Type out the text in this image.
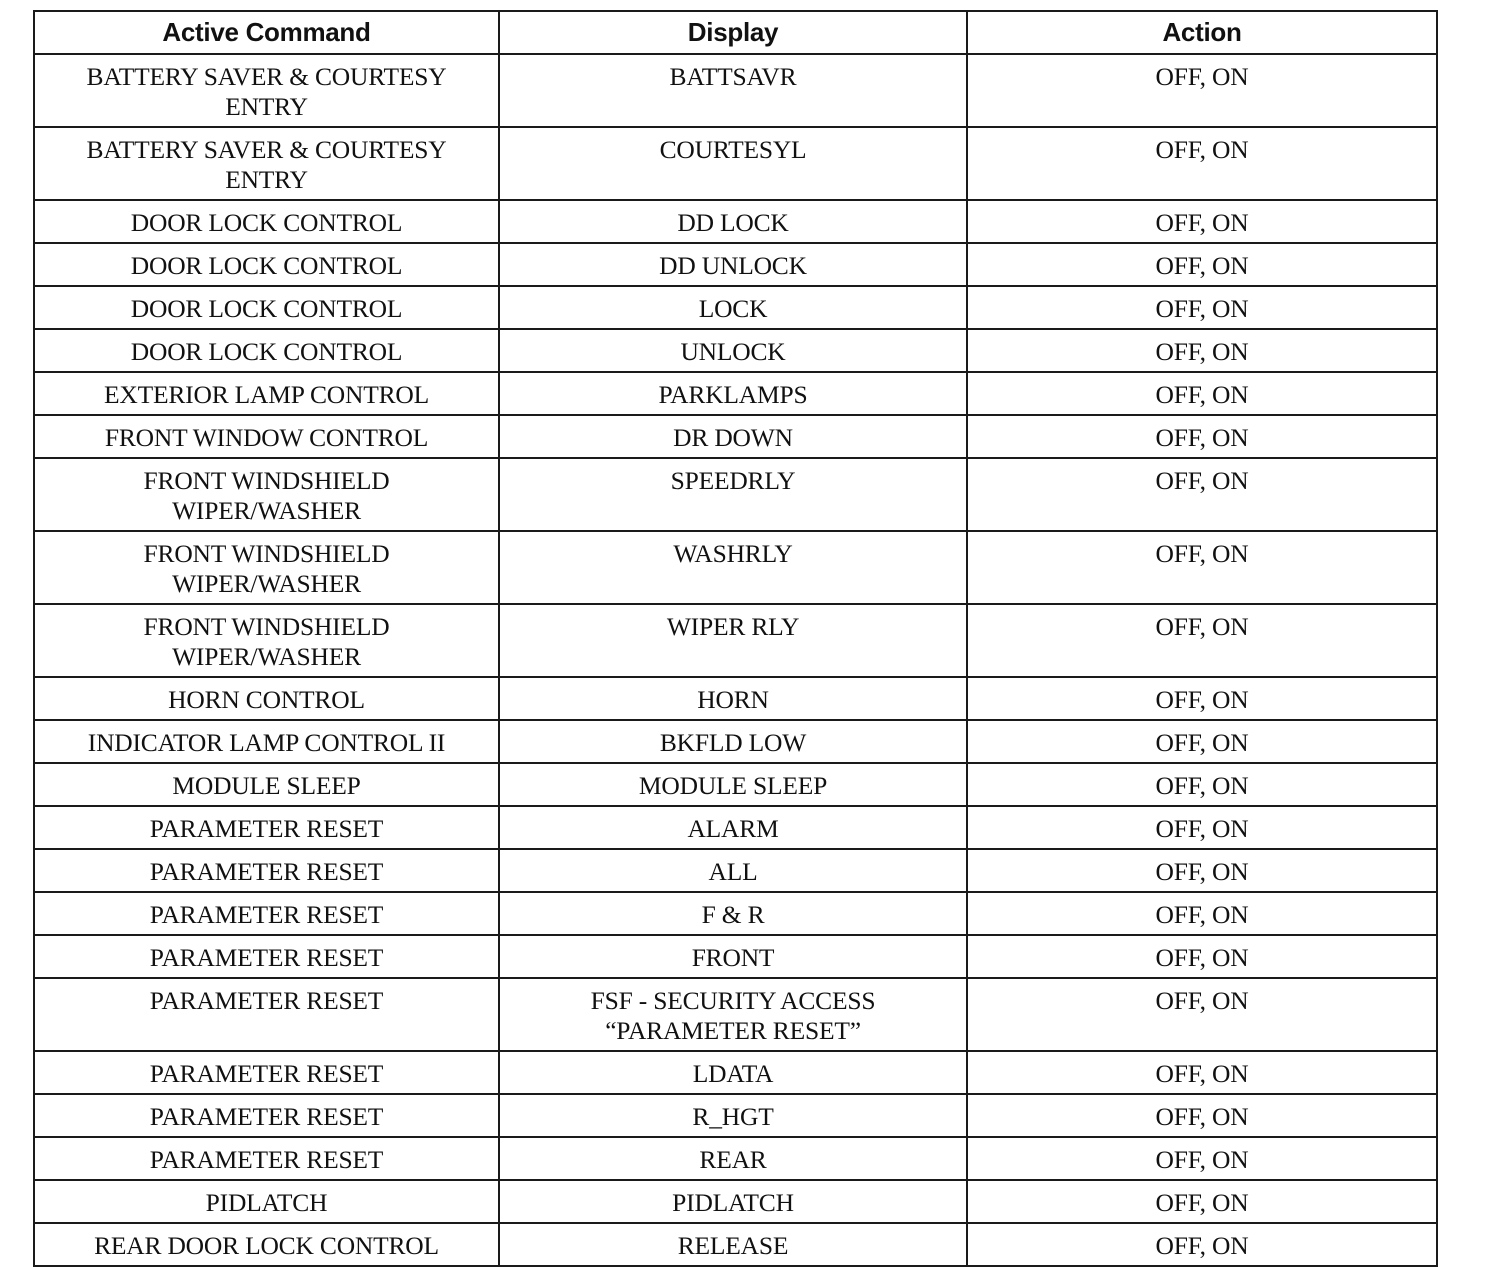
Active Command	Display	Action

BATTERY SAVER & COURTESY
ENTRY	BATTSAVR	OFF, ON

BATTERY SAVER & COURTESY
ENTRY	COURTESYL	OFF, ON

DOOR LOCK CONTROL	DD LOCK	OFF, ON

DOOR LOCK CONTROL	DD UNLOCK	OFF, ON

DOOR LOCK CONTROL	LOCK	OFF, ON

DOOR LOCK CONTROL	UNLOCK	OFF, ON

EXTERIOR LAMP CONTROL	PARKLAMPS	OFF, ON

FRONT WINDOW CONTROL	DR DOWN	OFF, ON

FRONT WINDSHIELD
WIPER/WASHER	SPEEDRLY	OFF, ON

FRONT WINDSHIELD
WIPER/WASHER	WASHRLY	OFF, ON

FRONT WINDSHIELD
WIPER/WASHER	WIPER RLY	OFF, ON

HORN CONTROL	HORN	OFF, ON

INDICATOR LAMP CONTROL II	BKFLD LOW	OFF, ON

MODULE SLEEP	MODULE SLEEP	OFF, ON

PARAMETER RESET	ALARM	OFF, ON

PARAMETER RESET	ALL	OFF, ON

PARAMETER RESET	F & R	OFF, ON

PARAMETER RESET	FRONT	OFF, ON

PARAMETER RESET	FSF - SECURITY ACCESS
“PARAMETER RESET”	OFF, ON

PARAMETER RESET	LDATA	OFF, ON

PARAMETER RESET	R_HGT	OFF, ON

PARAMETER RESET	REAR	OFF, ON

PIDLATCH	PIDLATCH	OFF, ON

REAR DOOR LOCK CONTROL	RELEASE	OFF, ON
